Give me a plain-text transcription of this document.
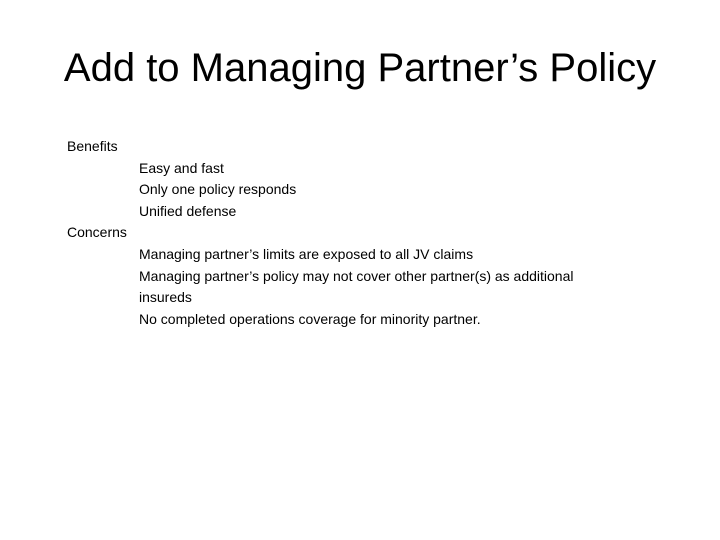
Add to Managing Partner’s Policy
Benefits
Easy and fast
Only one policy responds
Unified defense
Concerns
Managing partner’s limits are exposed to all JV claims
Managing partner’s policy may not cover other partner(s) as additional insureds
No completed operations coverage for minority partner.
